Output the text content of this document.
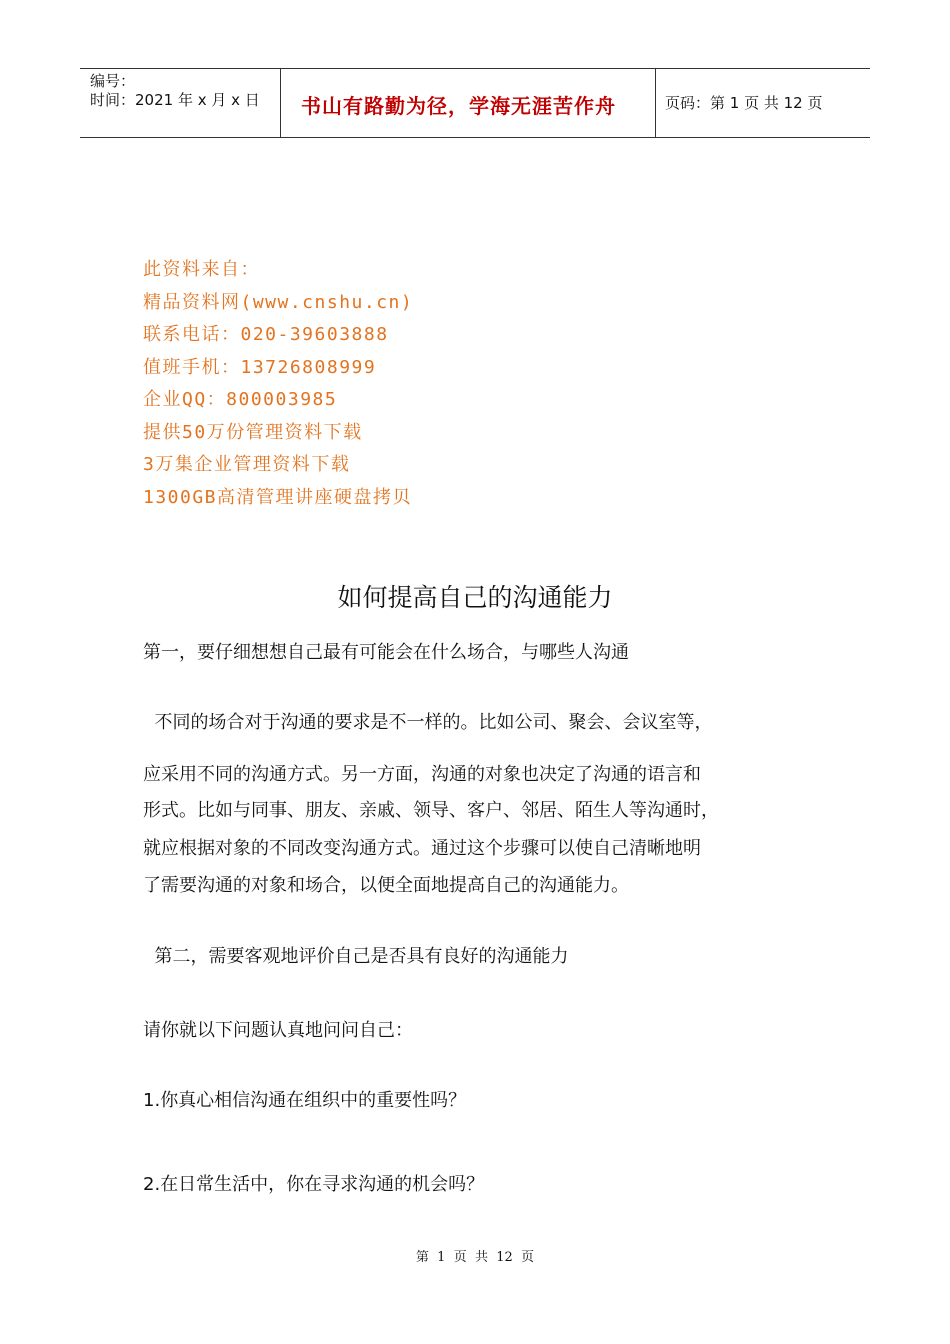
编号：
时间：2021 年 x 月 x 日 书山有路勤为径，学海无涯苦作舟	页码：第 1 页 共 12 页
此资料来自：
精品资料网(www.cnshu.cn)
联系电话：020-39603888
值班手机：13726808999
企业QQ：800003985
提供50万份管理资料下载
3万集企业管理资料下载
1300GB高清管理讲座硬盘拷贝
如何提高自己的沟通能力
第一，要仔细想想自己最有可能会在什么场合，与哪些人沟通
不同的场合对于沟通的要求是不一样的。比如公司、聚会、会议室等，
应采用不同的沟通方式。另一方面，沟通的对象也决定了沟通的语言和
形式。比如与同事、朋友、亲戚、领导、客户、邻居、陌生人等沟通时，
就应根据对象的不同改变沟通方式。通过这个步骤可以使自己清晰地明
了需要沟通的对象和场合，以便全面地提高自己的沟通能力。
第二，需要客观地评价自己是否具有良好的沟通能力
请你就以下问题认真地问问自己：
1.你真心相信沟通在组织中的重要性吗？
2.在日常生活中，你在寻求沟通的机会吗？
第  1  页  共  12  页
